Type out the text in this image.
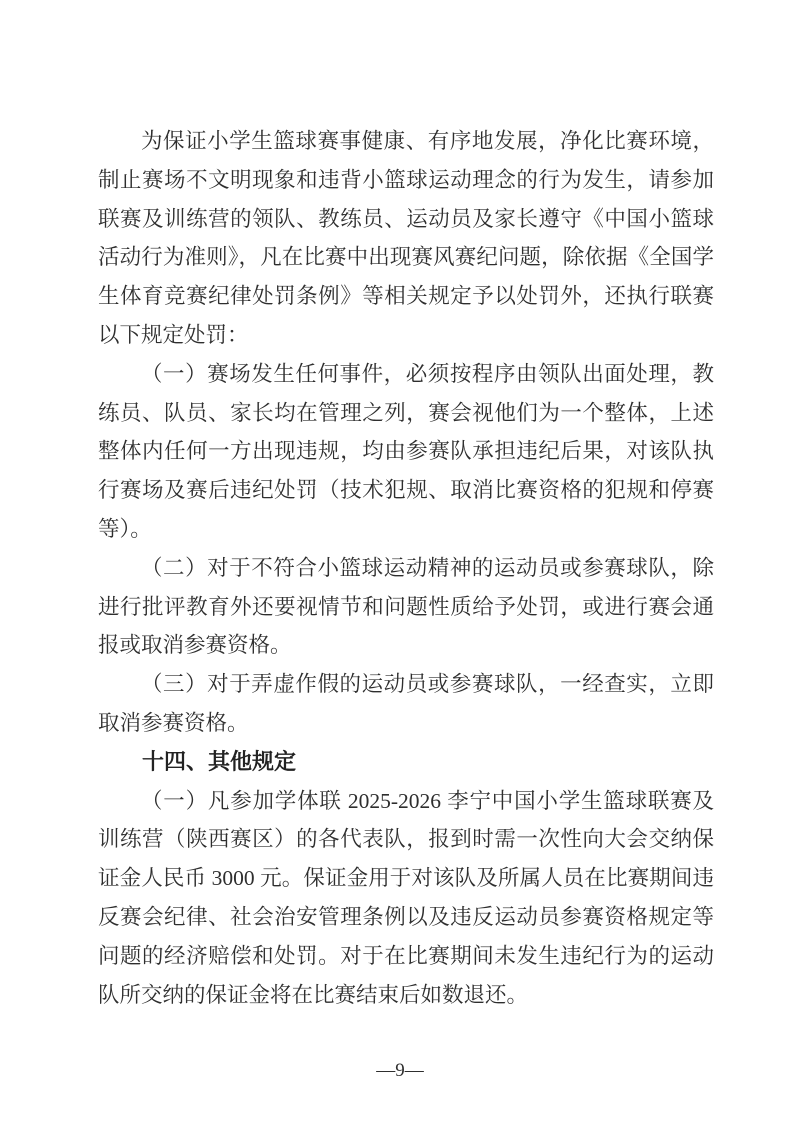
为保证小学生篮球赛事健康、有序地发展，净化比赛环境，制止赛场不文明现象和违背小篮球运动理念的行为发生，请参加联赛及训练营的领队、教练员、运动员及家长遵守《中国小篮球活动行为准则》，凡在比赛中出现赛风赛纪问题，除依据《全国学生体育竞赛纪律处罚条例》等相关规定予以处罚外，还执行联赛以下规定处罚：

（一）赛场发生任何事件，必须按程序由领队出面处理，教练员、队员、家长均在管理之列，赛会视他们为一个整体，上述整体内任何一方出现违规，均由参赛队承担违纪后果，对该队执行赛场及赛后违纪处罚（技术犯规、取消比赛资格的犯规和停赛等）。

（二）对于不符合小篮球运动精神的运动员或参赛球队，除进行批评教育外还要视情节和问题性质给予处罚，或进行赛会通报或取消参赛资格。

（三）对于弄虚作假的运动员或参赛球队，一经查实，立即取消参赛资格。

十四、其他规定

（一）凡参加学体联 2025-2026 李宁中国小学生篮球联赛及训练营（陕西赛区）的各代表队，报到时需一次性向大会交纳保证金人民币 3000 元。保证金用于对该队及所属人员在比赛期间违反赛会纪律、社会治安管理条例以及违反运动员参赛资格规定等问题的经济赔偿和处罚。对于在比赛期间未发生违纪行为的运动队所交纳的保证金将在比赛结束后如数退还。

—9—
